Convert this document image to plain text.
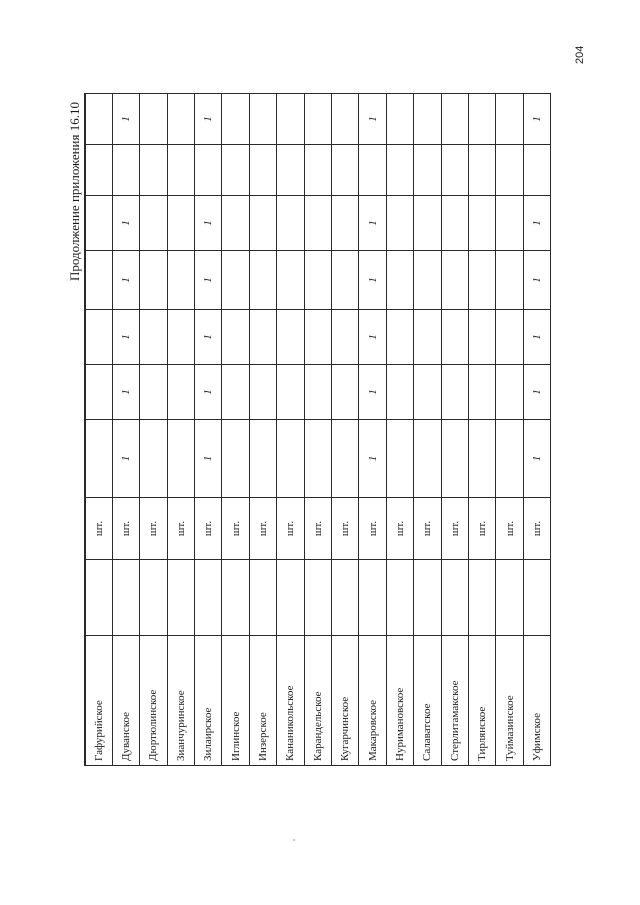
204
Продолжение приложения 16.10
Гафурийское		шт.							
Дуванское		шт.	1	1	1	1	1		1
Дюртюлинское		шт.							
Зианчуринское		шт.							
Зилаирское		шт.	1	1	1	1	1		1
Иглинское		шт.							
Инзерское		шт.							
Кананикольское		шт.							
Карандельское		шт.							
Кугарчинское		шт.							
Макаровское		шт.	1	1	1	1	1		1
Нуримановское		шт.							
Салаватское		шт.							
Стерлитамакское		шт.							
Тирлянское		шт.							
Туймазинское		шт.							
Уфимское		шт.	1	1	1	1	1		1
